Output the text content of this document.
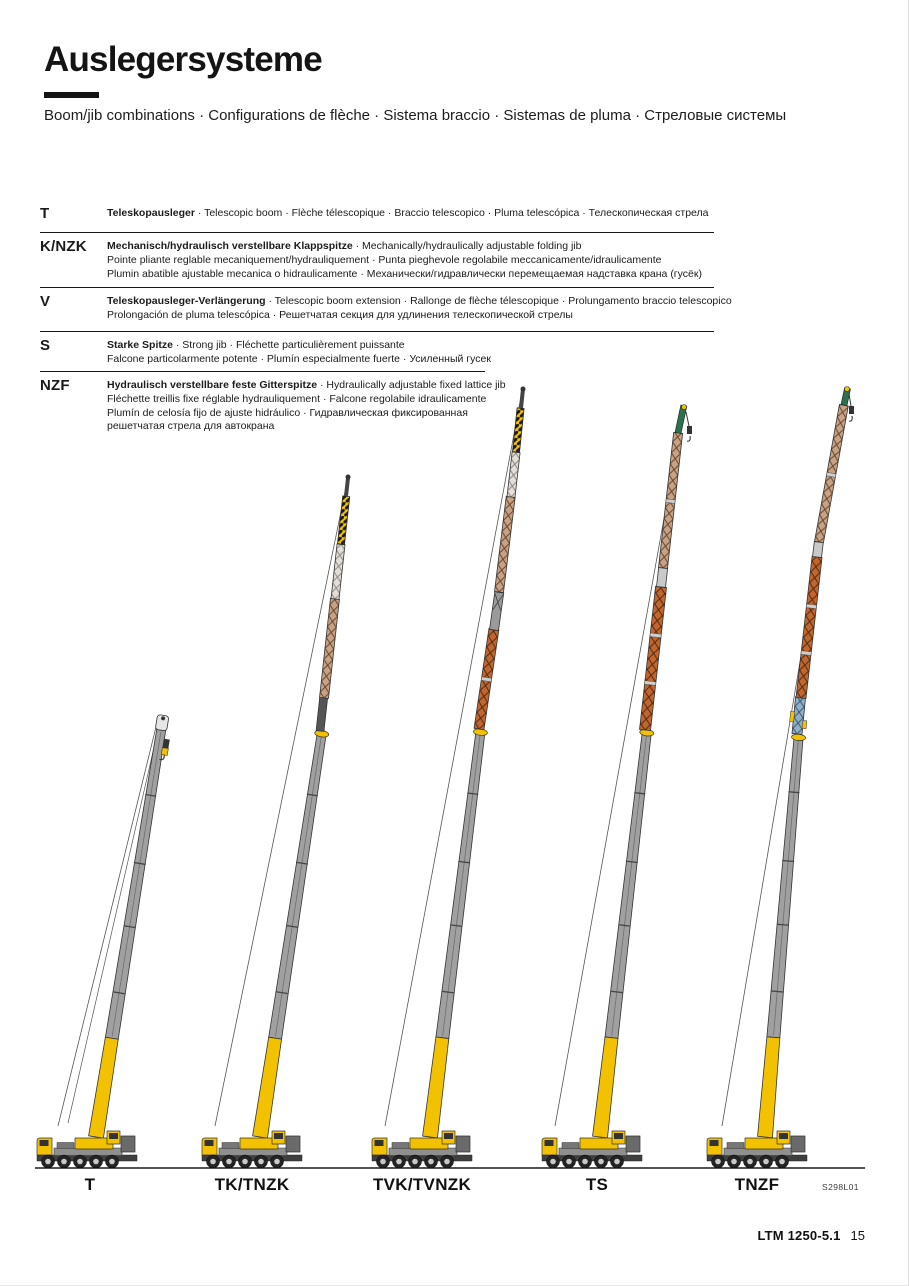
Auslegersysteme
Boom/jib combinations · Configurations de flèche · Sistema braccio · Sistemas de pluma · Стреловые системы
T	Teleskopausleger · Telescopic boom · Flèche télescopique · Braccio telescopico · Pluma telescópica · Телескопическая стрела
K/NZK	Mechanisch/hydraulisch verstellbare Klappspitze · Mechanically/hydraulically adjustable folding jib
Pointe pliante reglable mecaniquement/hydrauliquement · Punta pieghevole regolabile meccanicamente/idraulicamente
Plumin abatible ajustable mecanica o hidraulicamente · Механически/гидравлически перемещаемая надставка крана (гусёк)
V	Teleskopausleger-Verlängerung · Telescopic boom extension · Rallonge de flèche télescopique · Prolungamento braccio telescopico
Prolongación de pluma telescópica · Решетчатая секция для удлинения телескопической стрелы
S	Starke Spitze · Strong jib · Fléchette particulièrement puissante
Falcone particolarmente potente · Plumín especialmente fuerte · Усиленный гусек
NZF	Hydraulisch verstellbare feste Gitterspitze · Hydraulically adjustable fixed lattice jib
Fléchette treillis fixe réglable hydrauliquement · Falcone regolabile idraulicamente
Plumín de celosía fijo de ajuste hidráulico · Гидравлическая фиксированная
решетчатая стрела для автокрана
T	TK/TNZK	TVK/TVNZK	TS	TNZF	S298L01
LTM 1250-5.1 15
